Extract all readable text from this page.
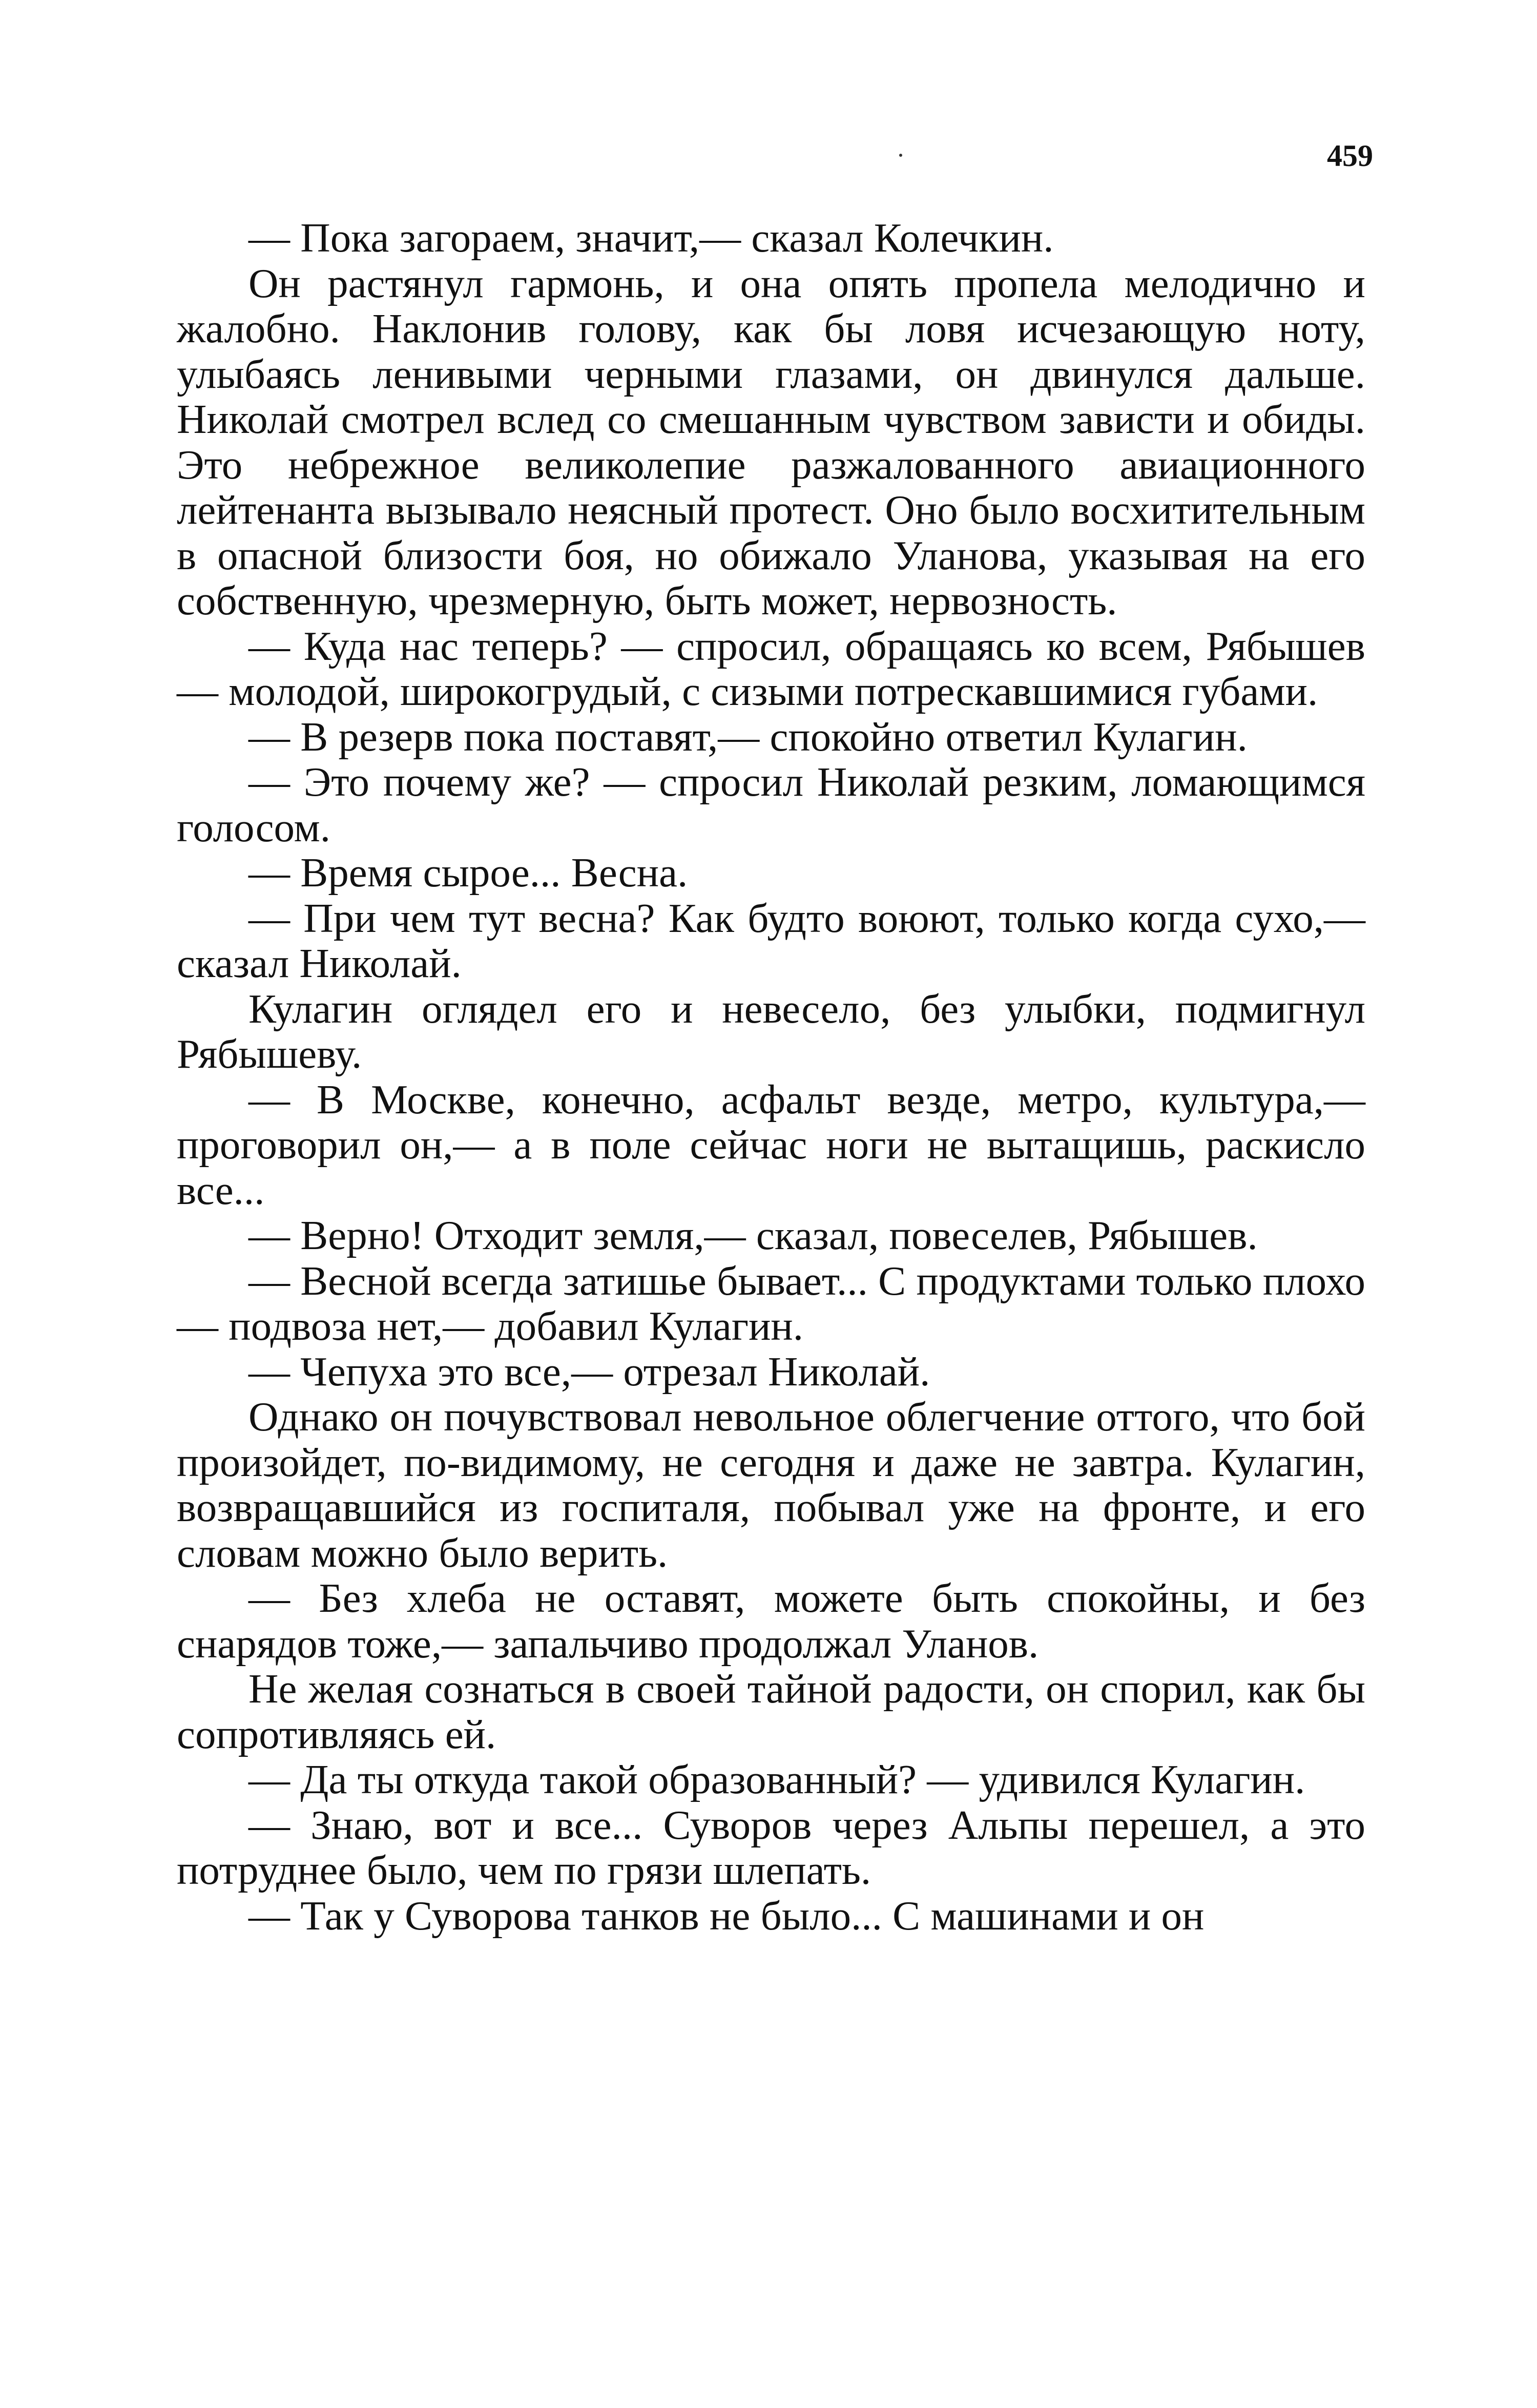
459

— Пока загораем, значит,— сказал Колечкин.

Он растянул гармонь, и она опять пропела мелодично и жалобно. Наклонив голову, как бы ловя исчезающую ноту, улыбаясь ленивыми черными глазами, он двинулся дальше. Николай смотрел вслед со смешанным чувством зависти и обиды. Это небрежное великолепие разжалованного авиационного лейтенанта вызывало неясный протест. Оно было восхитительным в опасной близости боя, но обижало Уланова, указывая на его собственную, чрезмерную, быть может, нервозность.

— Куда нас теперь? — спросил, обращаясь ко всем, Рябышев — молодой, широкогрудый, с сизыми потрескавшимися губами.

— В резерв пока поставят,— спокойно ответил Кулагин.

— Это почему же? — спросил Николай резким, ломающимся голосом.

— Время сырое... Весна.

— При чем тут весна? Как будто воюют, только когда сухо,— сказал Николай.

Кулагин оглядел его и невесело, без улыбки, подмигнул Рябышеву.

— В Москве, конечно, асфальт везде, метро, культура,— проговорил он,— а в поле сейчас ноги не вытащишь, раскисло все...

— Верно! Отходит земля,— сказал, повеселев, Рябышев.

— Весной всегда затишье бывает... С продуктами только плохо — подвоза нет,— добавил Кулагин.

— Чепуха это все,— отрезал Николай.

Однако он почувствовал невольное облегчение оттого, что бой произойдет, по-видимому, не сегодня и даже не завтра. Кулагин, возвращавшийся из госпиталя, побывал уже на фронте, и его словам можно было верить.

— Без хлеба не оставят, можете быть спокойны, и без снарядов тоже,— запальчиво продолжал Уланов.

Не желая сознаться в своей тайной радости, он спорил, как бы сопротивляясь ей.

— Да ты откуда такой образованный? — удивился Кулагин.

— Знаю, вот и все... Суворов через Альпы перешел, а это потруднее было, чем по грязи шлепать.

— Так у Суворова танков не было... С машинами и он
